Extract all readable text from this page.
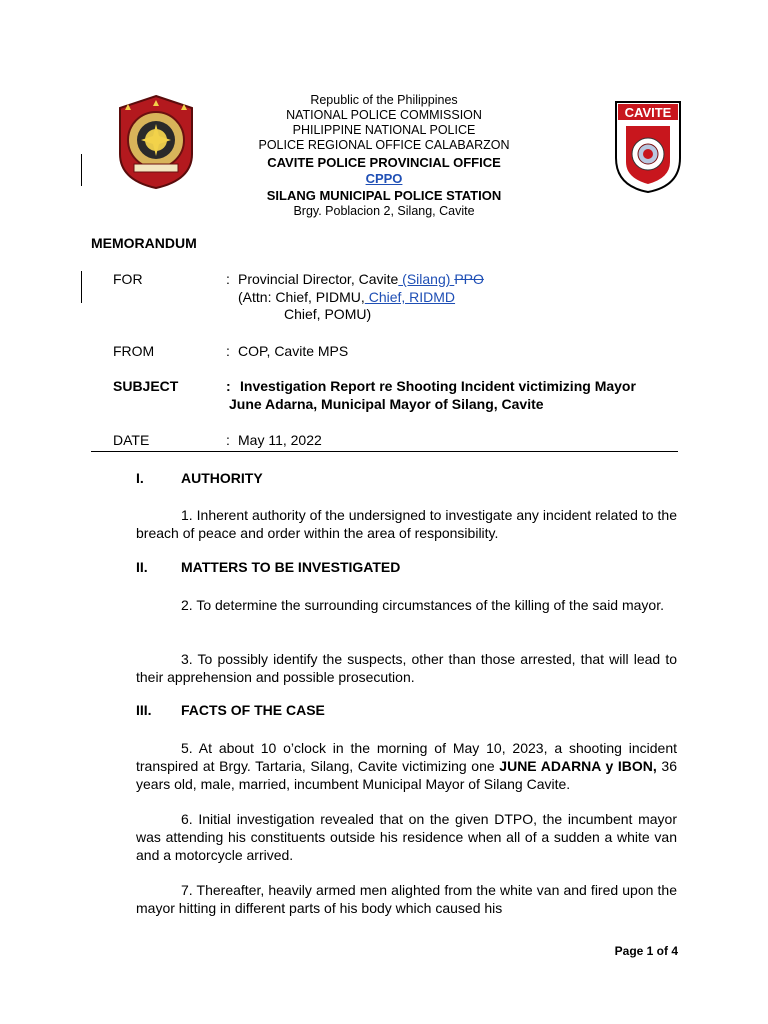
CAVITE
Republic of the Philippines
NATIONAL POLICE COMMISSION
PHILIPPINE NATIONAL POLICE
POLICE REGIONAL OFFICE CALABARZON
CAVITE POLICE PROVINCIAL OFFICE
CPPO
SILANG MUNICIPAL POLICE STATION
Brgy. Poblacion 2, Silang, Cavite
MEMORANDUM
FOR	: Provincial Director, Cavite (Silang) PPO
(Attn: Chief, PIDMU, Chief, RIDMD
Chief, POMU)
FROM	: COP, Cavite MPS
SUBJECT	: Investigation Report re Shooting Incident victimizing Mayor
June Adarna, Municipal Mayor of Silang, Cavite
DATE	: May 11, 2022
I.	AUTHORITY
1. Inherent authority of the undersigned to investigate any incident related to the breach of peace and order within the area of responsibility.
II. MATTERS TO BE INVESTIGATED
2. To determine the surrounding circumstances of the killing of the said mayor.
3. To possibly identify the suspects, other than those arrested, that will lead to their apprehension and possible prosecution.
III. FACTS OF THE CASE
5. At about 10 o’clock in the morning of May 10, 2023, a shooting incident transpired at Brgy. Tartaria, Silang, Cavite victimizing one JUNE ADARNA y IBON, 36 years old, male, married, incumbent Municipal Mayor of Silang Cavite.
6. Initial investigation revealed that on the given DTPO, the incumbent mayor was attending his constituents outside his residence when all of a sudden a white van and a motorcycle arrived.
7. Thereafter, heavily armed men alighted from the white van and fired upon the mayor hitting in different parts of his body which caused his
Page 1 of 4
